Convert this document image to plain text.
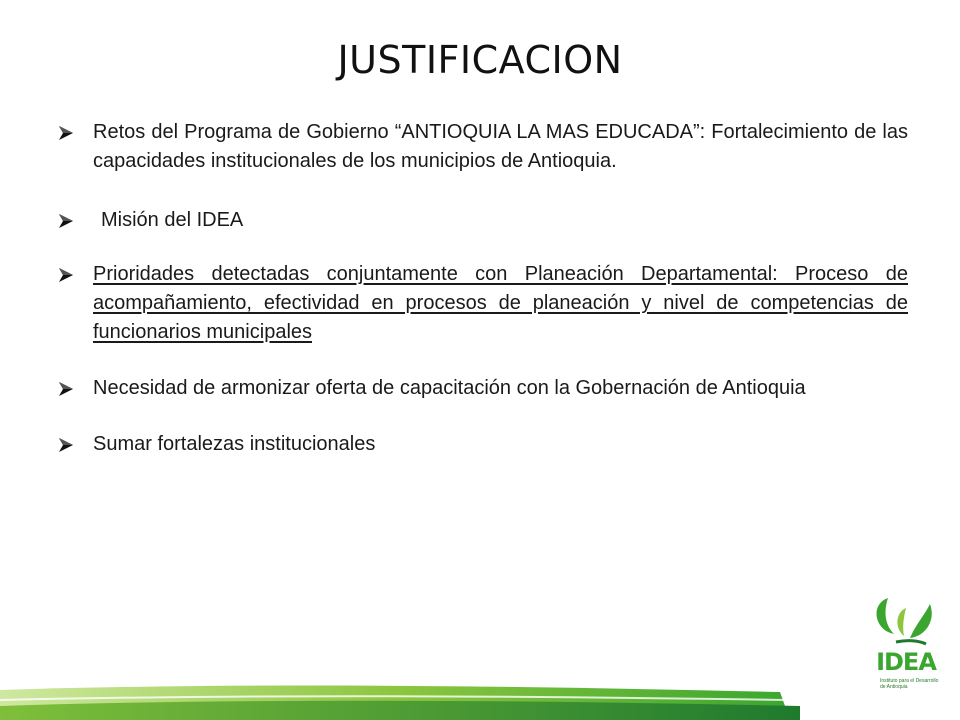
JUSTIFICACION
Retos del Programa de Gobierno “ANTIOQUIA LA MAS EDUCADA”: Fortalecimiento de las capacidades institucionales de los municipios de Antioquia.
Misión del IDEA
Prioridades detectadas conjuntamente con Planeación Departamental: Proceso de acompañamiento, efectividad en procesos de planeación y nivel de competencias de funcionarios municipales
Necesidad de armonizar oferta de capacitación con la Gobernación de Antioquia
Sumar fortalezas institucionales
IDEA
Instituto para el Desarrollo de Antioquia
